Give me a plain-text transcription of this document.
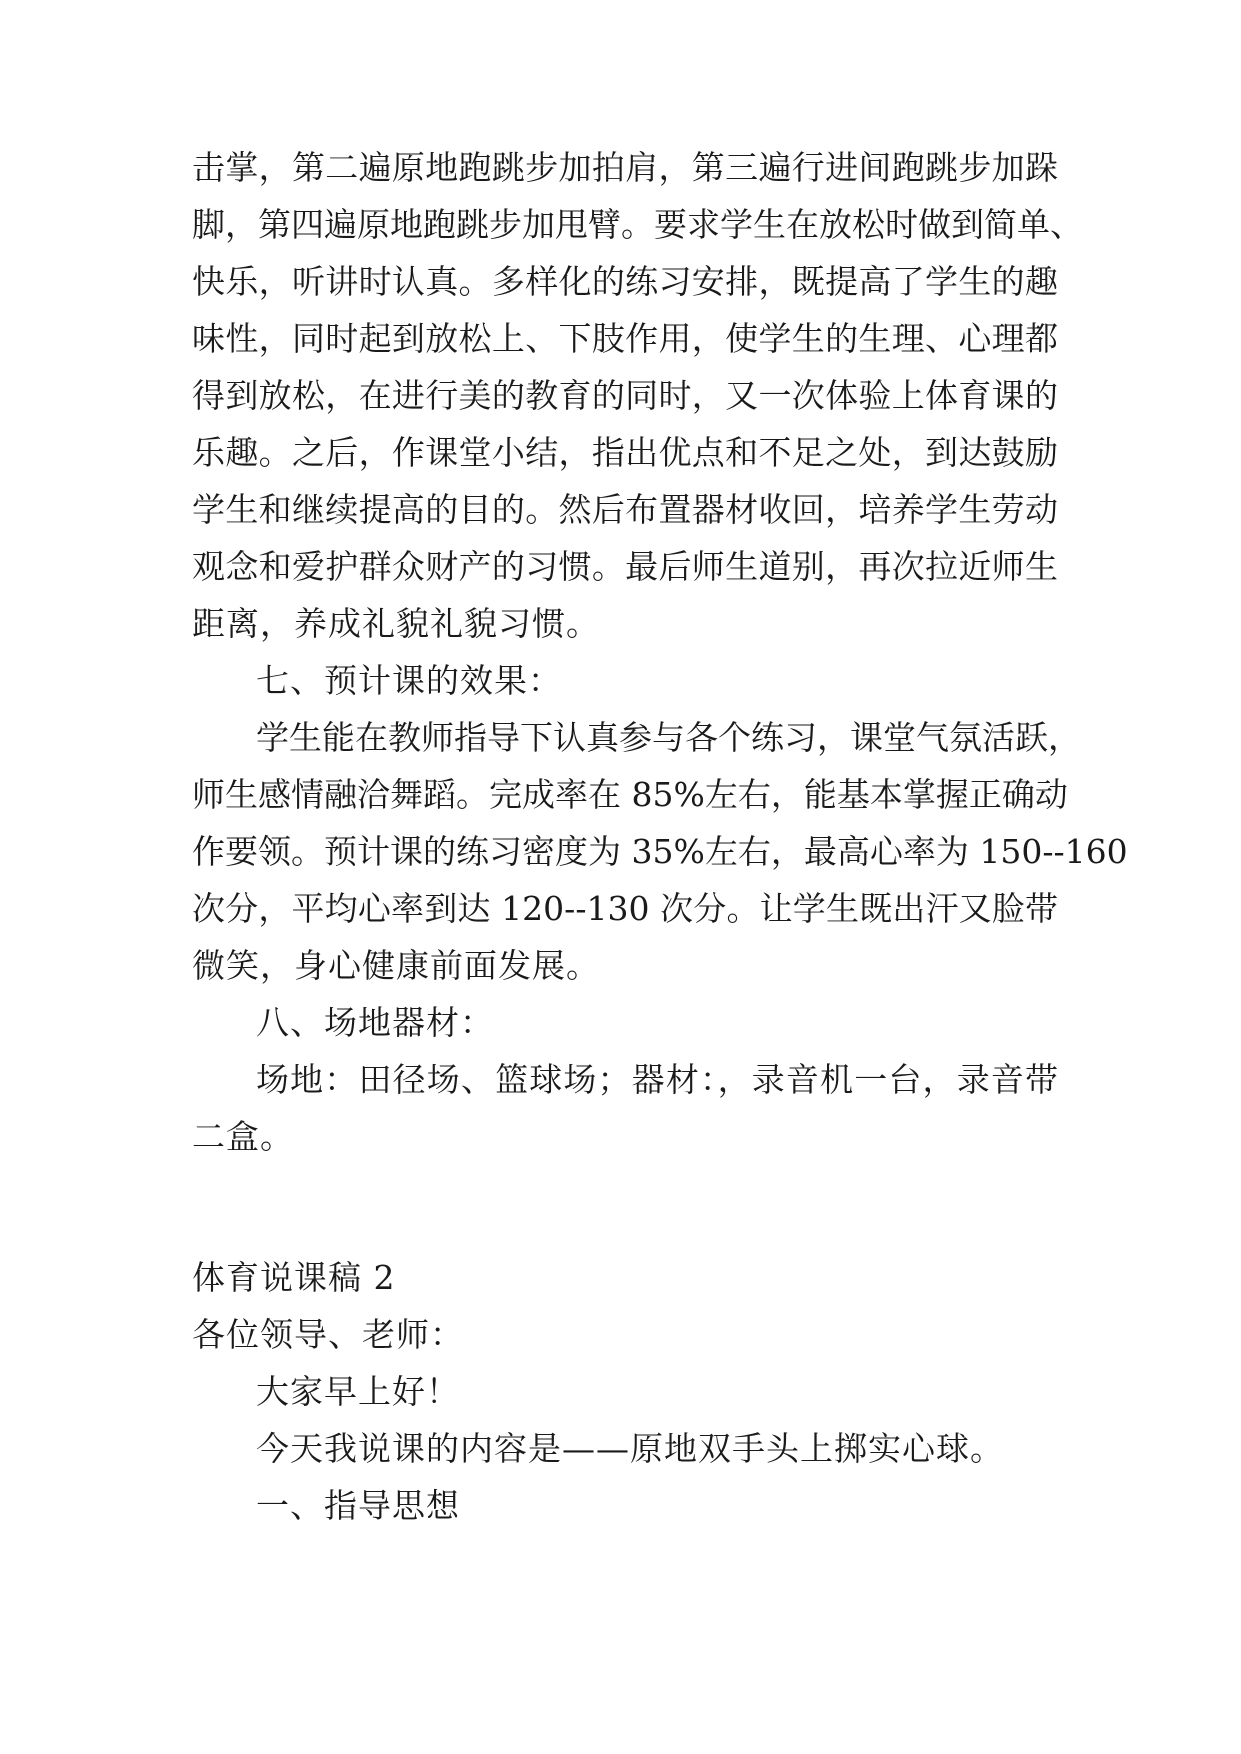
击掌，第二遍原地跑跳步加拍肩，第三遍行进间跑跳步加跺
脚，第四遍原地跑跳步加甩臂。要求学生在放松时做到简单、
快乐，听讲时认真。多样化的练习安排，既提高了学生的趣
味性，同时起到放松上、下肢作用，使学生的生理、心理都
得到放松，在进行美的教育的同时，又一次体验上体育课的
乐趣。之后，作课堂小结，指出优点和不足之处，到达鼓励
学生和继续提高的目的。然后布置器材收回，培养学生劳动
观念和爱护群众财产的习惯。最后师生道别，再次拉近师生
距离，养成礼貌礼貌习惯。
七、预计课的效果：
学生能在教师指导下认真参与各个练习，课堂气氛活跃，
师生感情融洽舞蹈。完成率在 85%左右，能基本掌握正确动
作要领。预计课的练习密度为 35%左右，最高心率为 150--160
次分，平均心率到达 120--130 次分。让学生既出汗又脸带
微笑，身心健康前面发展。
八、场地器材：
场地：田径场、篮球场；器材：，录音机一台，录音带
二盒。
体育说课稿 2
各位领导、老师：
大家早上好！
今天我说课的内容是——原地双手头上掷实心球。
一、指导思想
